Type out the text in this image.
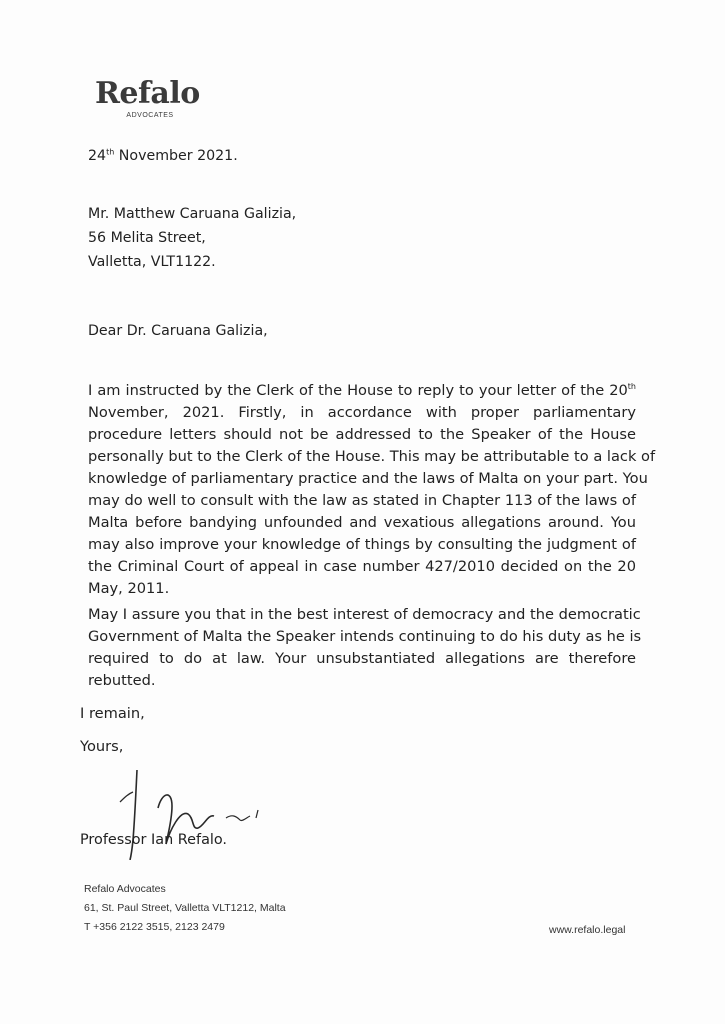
Refalo
ADVOCATES
24th November 2021.
Mr. Matthew Caruana Galizia,
56 Melita Street,
Valletta, VLT1122.
Dear Dr. Caruana Galizia,
I am instructed by the Clerk of the House to reply to your letter of the 20th
November, 2021. Firstly, in accordance with proper parliamentary
procedure letters should not be addressed to the Speaker of the House
personally but to the Clerk of the House. This may be attributable to a lack of
knowledge of parliamentary practice and the laws of Malta on your part. You
may do well to consult with the law as stated in Chapter 113 of the laws of
Malta before bandying unfounded and vexatious allegations around. You
may also improve your knowledge of things by consulting the judgment of
the Criminal Court of appeal in case number 427/2010 decided on the 20
May, 2011.
May I assure you that in the best interest of democracy and the democratic
Government of Malta the Speaker intends continuing to do his duty as he is
required to do at law. Your unsubstantiated allegations are therefore
rebutted.
I remain,
Yours,
Professor Ian Refalo.
Refalo Advocates
61, St. Paul Street, Valletta VLT1212, Malta
T +356 2122 3515, 2123 2479	www.refalo.legal
